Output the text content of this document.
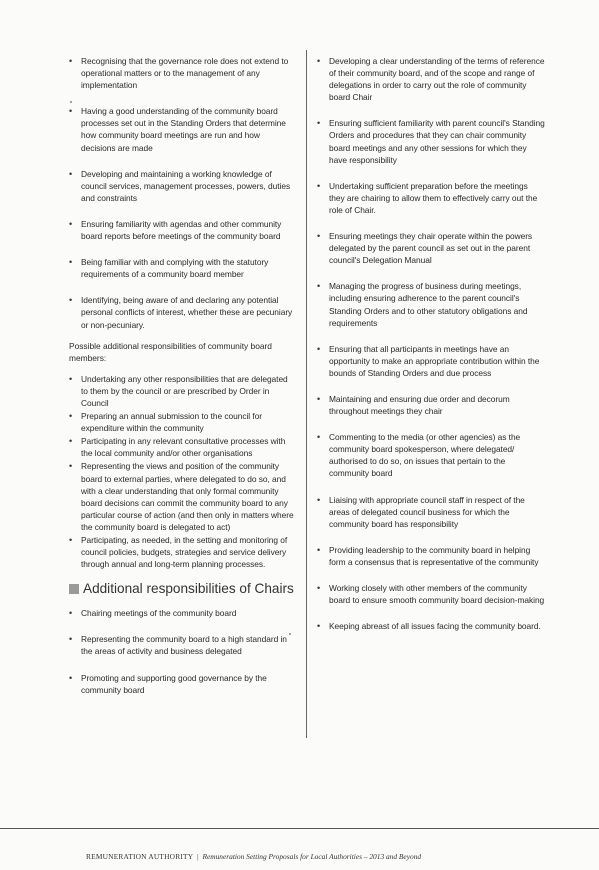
• Recognising that the governance role does not extend to operational matters or to the management of any implementation
• Having a good understanding of the community board processes set out in the Standing Orders that determine how community board meetings are run and how decisions are made
• Developing and maintaining a working knowledge of council services, management processes, powers, duties and constraints
• Ensuring familiarity with agendas and other community board reports before meetings of the community board
• Being familiar with and complying with the statutory requirements of a community board member
• Identifying, being aware of and declaring any potential personal conflicts of interest, whether these are pecuniary or non-pecuniary.

Possible additional responsibilities of community board members:

• Undertaking any other responsibilities that are delegated to them by the council or are prescribed by Order in Council
• Preparing an annual submission to the council for expenditure within the community
• Participating in any relevant consultative processes with the local community and/or other organisations
• Representing the views and position of the community board to external parties, where delegated to do so, and with a clear understanding that only formal community board decisions can commit the community board to any particular course of action (and then only in matters where the community board is delegated to act)
• Participating, as needed, in the setting and monitoring of council policies, budgets, strategies and service delivery through annual and long-term planning processes.
Additional responsibilities of Chairs
• Chairing meetings of the community board
• Representing the community board to a high standard in the areas of activity and business delegated
• Promoting and supporting good governance by the community board
• Developing a clear understanding of the terms of reference of their community board, and of the scope and range of delegations in order to carry out the role of community board Chair
• Ensuring sufficient familiarity with parent council's Standing Orders and procedures that they can chair community board meetings and any other sessions for which they have responsibility
• Undertaking sufficient preparation before the meetings they are chairing to allow them to effectively carry out the role of Chair.
• Ensuring meetings they chair operate within the powers delegated by the parent council as set out in the parent council's Delegation Manual
• Managing the progress of business during meetings, including ensuring adherence to the parent council's Standing Orders and to other statutory obligations and requirements
• Ensuring that all participants in meetings have an opportunity to make an appropriate contribution within the bounds of Standing Orders and due process
• Maintaining and ensuring due order and decorum throughout meetings they chair
• Commenting to the media (or other agencies) as the community board spokesperson, where delegated/ authorised to do so, on issues that pertain to the community board
• Liaising with appropriate council staff in respect of the areas of delegated council business for which the community board has responsibility
• Providing leadership to the community board in helping form a consensus that is representative of the community
• Working closely with other members of the community board to ensure smooth community board decision-making
• Keeping abreast of all issues facing the community board.
REMUNERATION AUTHORITY | Remuneration Setting Proposals for Local Authorities – 2013 and Beyond
